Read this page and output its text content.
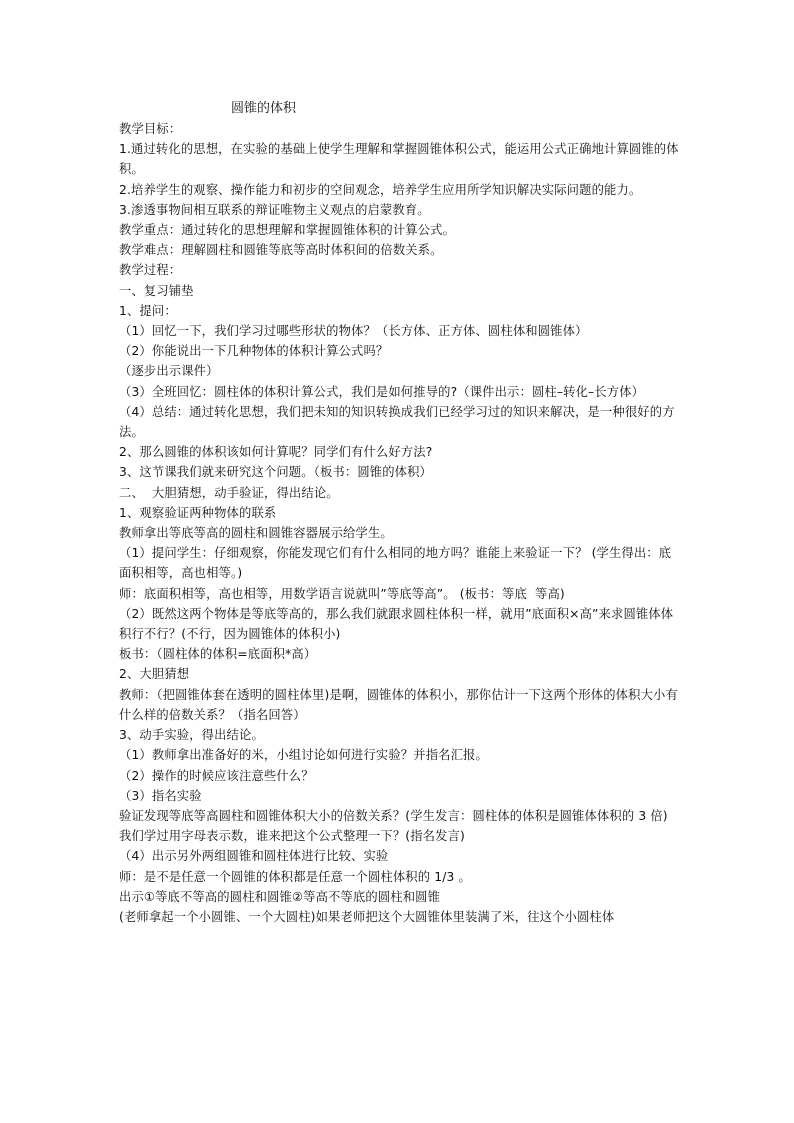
圆锥的体积
教学目标：
1.通过转化的思想，在实验的基础上使学生理解和掌握圆锥体积公式，能运用公式正确地计算圆锥的体积。
2.培养学生的观察、操作能力和初步的空间观念，培养学生应用所学知识解决实际问题的能力。
3.渗透事物间相互联系的辩证唯物主义观点的启蒙教育。
教学重点：通过转化的思想理解和掌握圆锥体积的计算公式。
教学难点：理解圆柱和圆锥等底等高时体积间的倍数关系。
教学过程：
一、复习铺垫
1、提问：
（1）回忆一下，我们学习过哪些形状的物体？（长方体、正方体、圆柱体和圆锥体）
（2）你能说出一下几种物体的体积计算公式吗？
（逐步出示课件）
（3）全班回忆：圆柱体的体积计算公式，我们是如何推导的?（课件出示：圆柱–转化–长方体）
（4）总结：通过转化思想，我们把未知的知识转换成我们已经学习过的知识来解决，是一种很好的方法。
2、那么圆锥的体积该如何计算呢？同学们有什么好方法?
3、这节课我们就来研究这个问题。（板书：圆锥的体积）
二、  大胆猜想，动手验证，得出结论。
1、观察验证两种物体的联系
教师拿出等底等高的圆柱和圆锥容器展示给学生。
（1）提问学生：仔细观察，你能发现它们有什么相同的地方吗？谁能上来验证一下？ (学生得出：底面积相等，高也相等。)
师：底面积相等，高也相等，用数学语言说就叫”等底等高”。 (板书：等底  等高)
（2）既然这两个物体是等底等高的，那么我们就跟求圆柱体积一样，就用”底面积×高”来求圆锥体体积行不行？(不行，因为圆锥体的体积小)
板书：（圆柱体的体积=底面积*高）
2、大胆猜想
教师：（把圆锥体套在透明的圆柱体里)是啊，圆锥体的体积小，那你估计一下这两个形体的体积大小有什么样的倍数关系？（指名回答）
3、动手实验，得出结论。
（1）教师拿出准备好的米，小组讨论如何进行实验？并指名汇报。
（2）操作的时候应该注意些什么？
（3）指名实验
验证发现等底等高圆柱和圆锥体积大小的倍数关系？(学生发言：圆柱体的体积是圆锥体体积的 3 倍)
我们学过用字母表示数，谁来把这个公式整理一下？(指名发言)
（4）出示另外两组圆锥和圆柱体进行比较、实验
师：是不是任意一个圆锥的体积都是任意一个圆柱体积的 1/3 。
出示①等底不等高的圆柱和圆锥②等高不等底的圆柱和圆锥
(老师拿起一个小圆锥、一个大圆柱)如果老师把这个大圆锥体里装满了米，往这个小圆柱体
